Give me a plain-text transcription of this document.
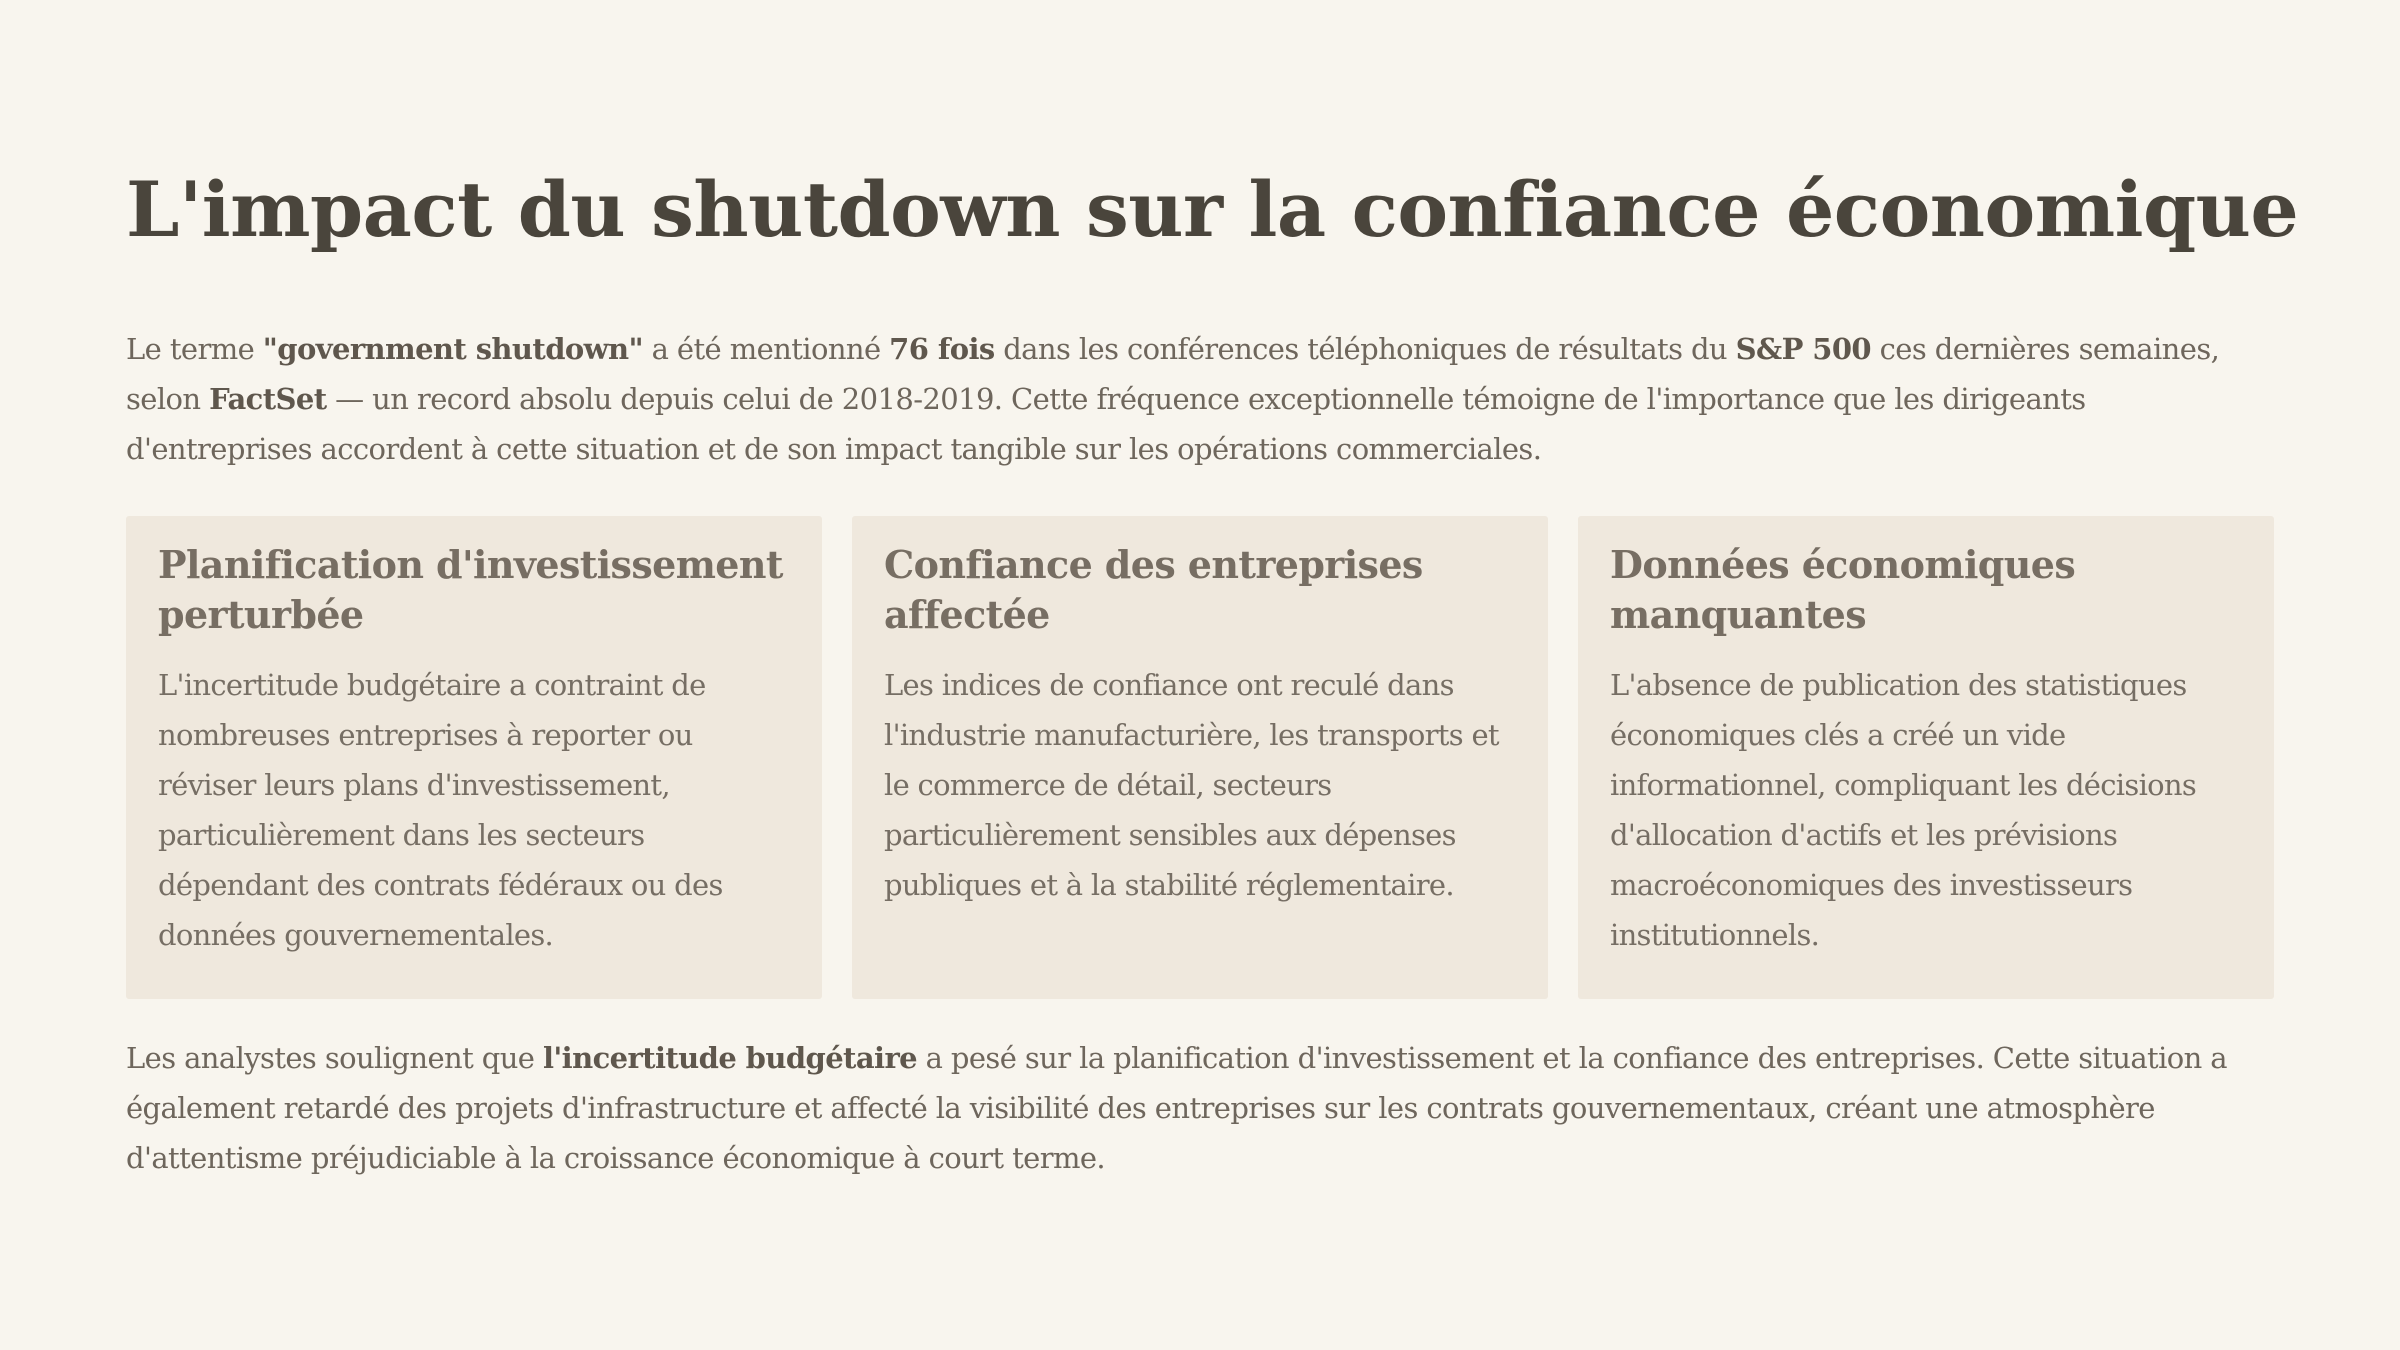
L'impact du shutdown sur la confiance économique

Le terme "government shutdown" a été mentionné 76 fois dans les conférences téléphoniques de résultats du S&P 500 ces dernières semaines, selon FactSet — un record absolu depuis celui de 2018-2019. Cette fréquence exceptionnelle témoigne de l'importance que les dirigeants d'entreprises accordent à cette situation et de son impact tangible sur les opérations commerciales.

Planification d'investissement perturbée

L'incertitude budgétaire a contraint de nombreuses entreprises à reporter ou réviser leurs plans d'investissement, particulièrement dans les secteurs dépendant des contrats fédéraux ou des données gouvernementales.

Confiance des entreprises affectée

Les indices de confiance ont reculé dans l'industrie manufacturière, les transports et le commerce de détail, secteurs particulièrement sensibles aux dépenses publiques et à la stabilité réglementaire.

Données économiques manquantes

L'absence de publication des statistiques économiques clés a créé un vide informationnel, compliquant les décisions d'allocation d'actifs et les prévisions macroéconomiques des investisseurs institutionnels.

Les analystes soulignent que l'incertitude budgétaire a pesé sur la planification d'investissement et la confiance des entreprises. Cette situation a également retardé des projets d'infrastructure et affecté la visibilité des entreprises sur les contrats gouvernementaux, créant une atmosphère d'attentisme préjudiciable à la croissance économique à court terme.
